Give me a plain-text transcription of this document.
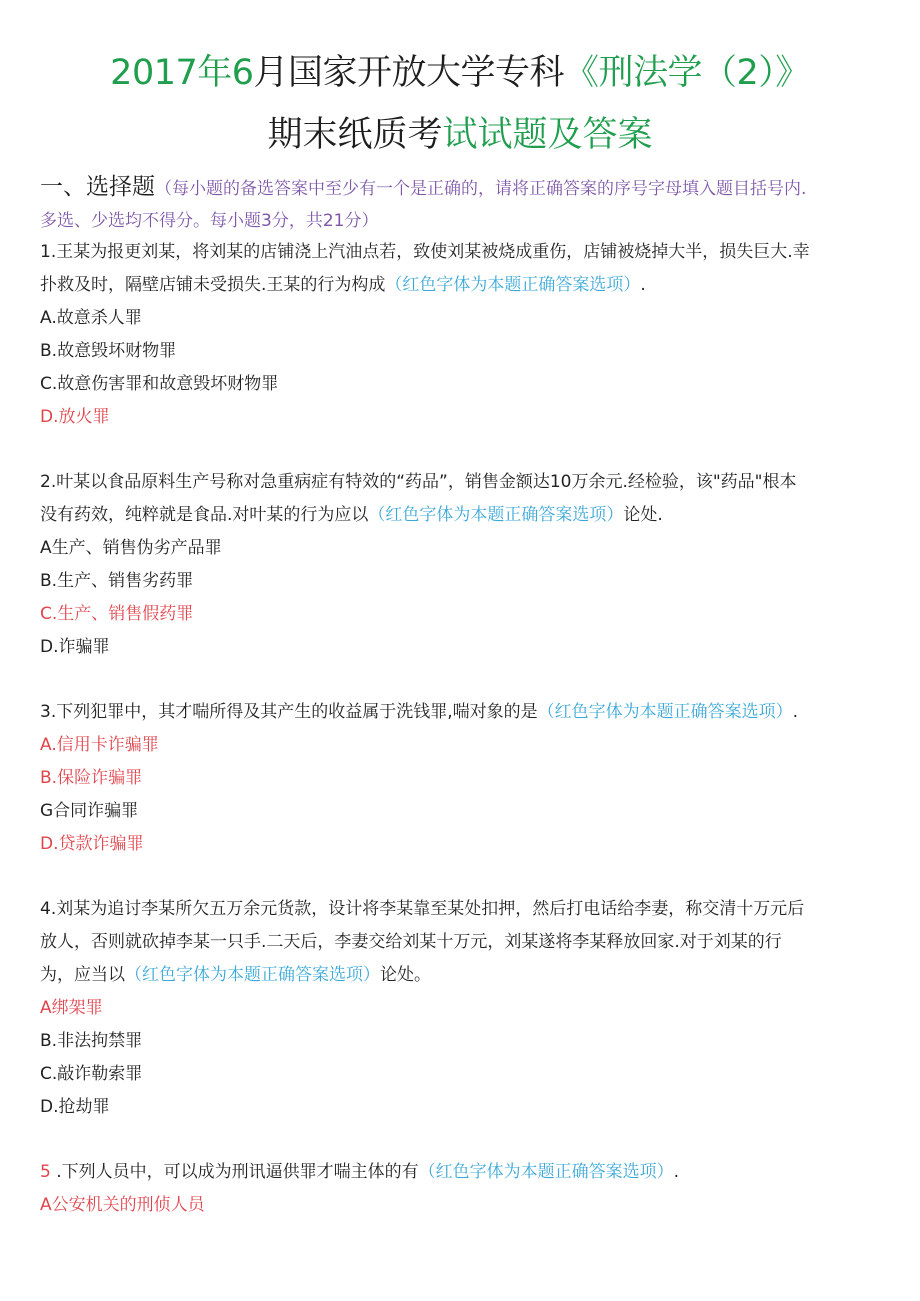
2017年6月国家开放大学专科《刑法学（2）》
期末纸质考试试题及答案
一、选择题（每小题的备选答案中至少有一个是正确的，请将正确答案的序号字母填入题目括号内.
多选、少选均不得分。每小题3分，共21分）

1.王某为报更刘某，将刘某的店铺浇上汽油点若，致使刘某被烧成重伤，店铺被烧掉大半，损失巨大.幸

扑救及时，隔壁店铺未受损失.王某的行为构成（红色字体为本题正确答案选项）.

A.故意杀人罪

B.故意毁坏财物罪

C.故意伤害罪和故意毁坏财物罪

D.放火罪

2.叶某以食品原料生产号称对急重病症有特效的“药品”，销售金额达10万余元.经检验，该"药品"根本

没有药效，纯粹就是食品.对叶某的行为应以（红色字体为本题正确答案选项）论处.

A生产、销售伪劣产品罪

B.生产、销售劣药罪

C.生产、销售假药罪

D.诈骗罪

3.下列犯罪中，其才喘所得及其产生的收益属于洗钱罪,喘对象的是（红色字体为本题正确答案选项）.

A.信用卡诈骗罪

B.保险诈骗罪

G合同诈骗罪

D.贷款诈骗罪

4.刘某为追讨李某所欠五万余元货款，设计将李某靠至某处扣押，然后打电话给李妻，称交清十万元后

放人，否则就砍掉李某一只手.二天后，李妻交给刘某十万元，刘某遂将李某释放回家.对于刘某的行

为，应当以（红色字体为本题正确答案选项）论处。

A绑架罪

B.非法拘禁罪

C.敲诈勒索罪

D.抢劫罪

5 .下列人员中，可以成为刑讯逼供罪才喘主体的有（红色字体为本题正确答案选项）.

A公安机关的刑侦人员
